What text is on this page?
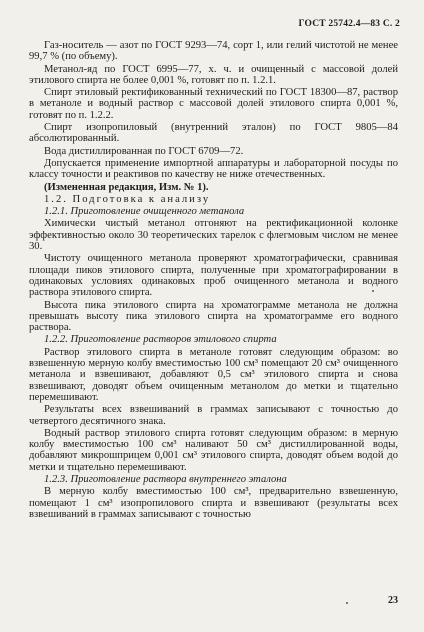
ГОСТ 25742.4—83 С. 2

Газ-носитель — азот по ГОСТ 9293—74, сорт 1, или гелий чистотой не менее 99,7 % (по объему).

Метанол-яд по ГОСТ 6995—77, х. ч. и очищенный с массовой долей этилового спирта не более 0,001 %, готовят по п. 1.2.1.

Спирт этиловый ректификованный технический по ГОСТ 18300—87, раствор в метаноле и водный раствор с массовой долей этилового спирта 0,001 %, готовят по п. 1.2.2.

Спирт изопропиловый (внутренний эталон) по ГОСТ 9805—84 абсолютированный.

Вода дистиллированная по ГОСТ 6709—72.

Допускается применение импортной аппаратуры и лабораторной посуды по классу точности и реактивов по качеству не ниже отечественных.

(Измененная редакция, Изм. № 1).

1.2. Подготовка к анализу

1.2.1. Приготовление очищенного метанола

Химически чистый метанол отгоняют на ректификационной колонке эффективностью около 30 теоретических тарелок с флегмовым числом не менее 30.

Чистоту очищенного метанола проверяют хроматографически, сравнивая площади пиков этилового спирта, полученные при хроматографировании в одинаковых условиях одинаковых проб очищенного метанола и водного раствора этилового спирта.

Высота пика этилового спирта на хроматограмме метанола не должна превышать высоту пика этилового спирта на хроматограмме его водного раствора.

1.2.2. Приготовление растворов этилового спирта

Раствор этилового спирта в метаноле готовят следующим образом: во взвешенную мерную колбу вместимостью 100 см³ помещают 20 см³ очищенного метанола и взвешивают, добавляют 0,5 см³ этилового спирта и снова взвешивают, доводят объем очищенным метанолом до метки и тщательно перемешивают.

Результаты всех взвешиваний в граммах записывают с точностью до четвертого десятичного знака.

Водный раствор этилового спирта готовят следующим образом: в мерную колбу вместимостью 100 см³ наливают 50 см³ дистиллированной воды, добавляют микрошприцем 0,001 см³ этилового спирта, доводят объем водой до метки и тщательно перемешивают.

1.2.3. Приготовление раствора внутреннего эталона

В мерную колбу вместимостью 100 см³, предварительно взвешенную, помещают 1 см³ изопропилового спирта и взвешивают (результаты всех взвешиваний в граммах записывают с точностью

23
